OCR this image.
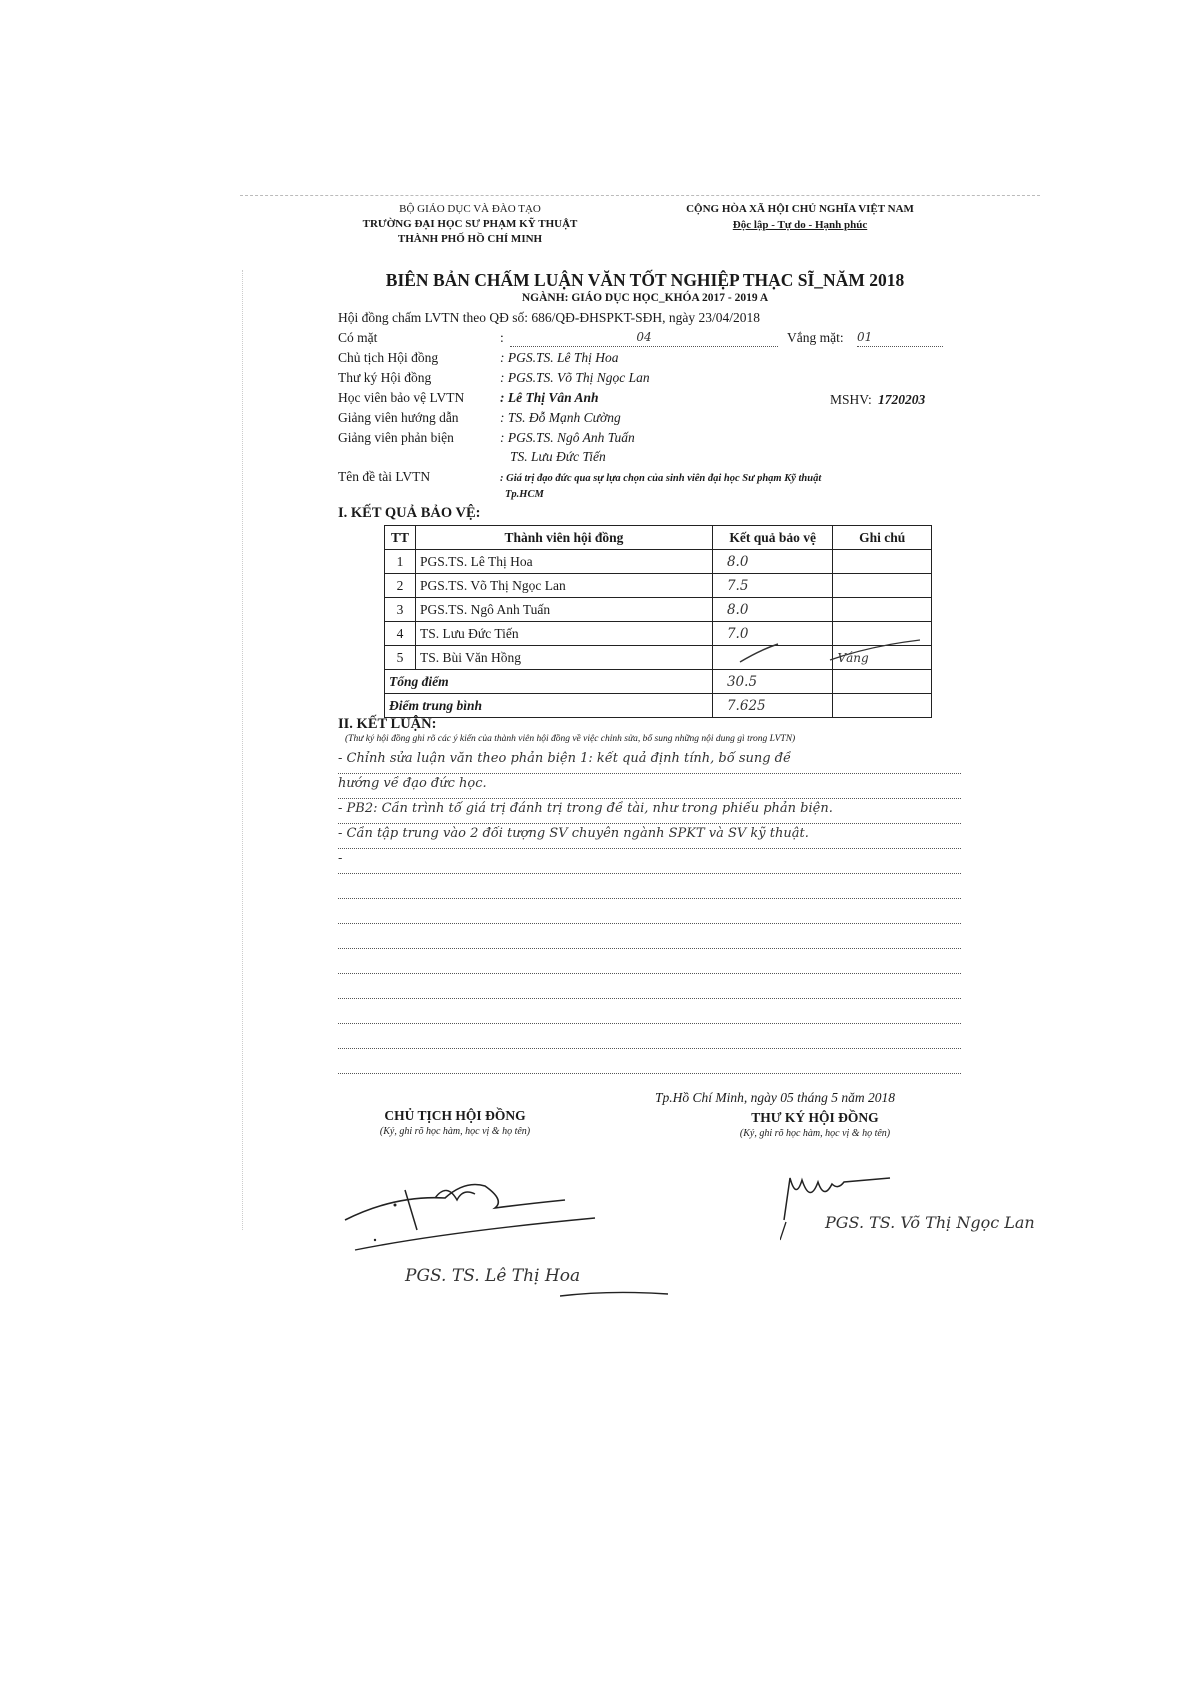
BỘ GIÁO DỤC VÀ ĐÀO TẠO
TRƯỜNG ĐẠI HỌC SƯ PHẠM KỸ THUẬT
THÀNH PHỐ HỒ CHÍ MINH
CỘNG HÒA XÃ HỘI CHỦ NGHĨA VIỆT NAM
Độc lập - Tự do - Hạnh phúc
BIÊN BẢN CHẤM LUẬN VĂN TỐT NGHIỆP THẠC SĨ_NĂM 2018
NGÀNH: GIÁO DỤC HỌC_KHÓA 2017 - 2019 A
Hội đồng chấm LVTN theo QĐ số: 686/QĐ-ĐHSPKT-SĐH, ngày 23/04/2018
Có mặt	:	04	Vắng mặt: 01
Chủ tịch Hội đồng	: PGS.TS. Lê Thị Hoa
Thư ký Hội đồng	: PGS.TS. Võ Thị Ngọc Lan
Học viên bảo vệ LVTN	: Lê Thị Vân Anh	MSHV: 1720203
Giảng viên hướng dẫn	: TS. Đỗ Mạnh Cường
Giảng viên phản biện	: PGS.TS. Ngô Anh Tuấn
TS. Lưu Đức Tiến
Tên đề tài LVTN	: Giá trị đạo đức qua sự lựa chọn của sinh viên đại học Sư phạm Kỹ thuật
Tp.HCM
I. KẾT QUẢ BẢO VỆ:
TT	Thành viên hội đồng	Kết quả bảo vệ	Ghi chú
1	PGS.TS. Lê Thị Hoa	8.0	
2	PGS.TS. Võ Thị Ngọc Lan	7.5	
3	PGS.TS. Ngô Anh Tuấn	8.0	
4	TS. Lưu Đức Tiến	7.0	
5	TS. Bùi Văn Hồng		Vắng
Tổng điểm		30.5	
Điểm trung bình		7.625	
II. KẾT LUẬN:
(Thư ký hội đồng ghi rõ các ý kiến của thành viên hội đồng về việc chỉnh sửa, bổ sung những nội dung gì trong LVTN)
- Chỉnh sửa luận văn theo phản biện 1: kết quả định tính, bổ sung đề
hướng về đạo đức học.
- PB2: Cần trình tổ giá trị đánh trị trong đề tài, như trong phiếu phản biện.
- Cần tập trung vào 2 đối tượng SV chuyên ngành SPKT và SV kỹ thuật.
-
Tp.Hồ Chí Minh, ngày 05 tháng 5 năm 2018
CHỦ TỊCH HỘI ĐỒNG
(Ký, ghi rõ học hàm, học vị & họ tên)
THƯ KÝ HỘI ĐỒNG
(Ký, ghi rõ học hàm, học vị & họ tên)
PGS. TS. Lê Thị Hoa
PGS. TS. Võ Thị Ngọc Lan
